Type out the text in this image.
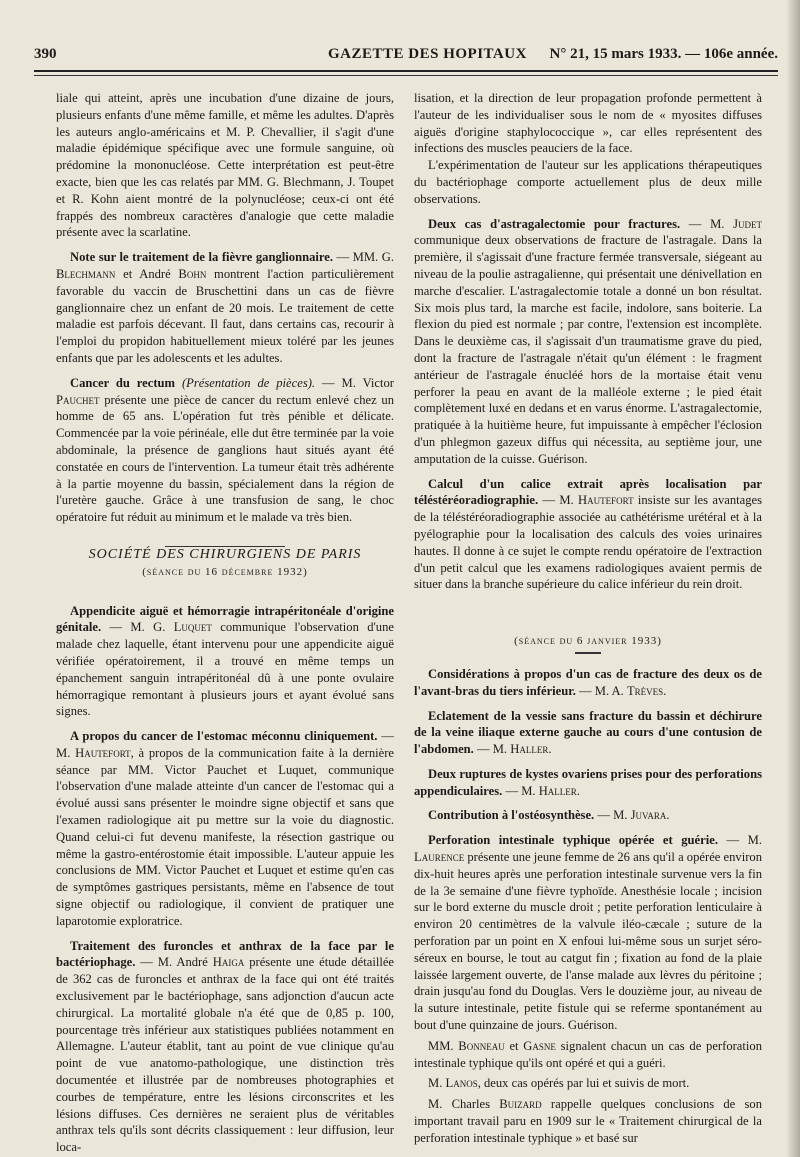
390	GAZETTE DES HOPITAUX N° 21, 15 mars 1933. — 106e année.

liale qui atteint, après une incubation d'une dizaine de jours, plusieurs enfants d'une même famille, et même les adultes. D'après les auteurs anglo-américains et M. P. Chevallier, il s'agit d'une maladie épidémique spécifique avec une formule sanguine, où prédomine la mononucléose. Cette interprétation est peut-être exacte, bien que les cas relatés par MM. G. Blechmann, J. Toupet et R. Kohn aient montré de la polynucléose; ceux-ci ont été frappés des nombreux caractères d'analogie que cette maladie présente avec la scarlatine.

Note sur le traitement de la fièvre ganglionnaire. — MM. G. Blechmann et André Bohn montrent l'action particulièrement favorable du vaccin de Bruschettini dans un cas de fièvre ganglionnaire chez un enfant de 20 mois. Le traitement de cette maladie est parfois décevant. Il faut, dans certains cas, recourir à l'emploi du propidon habituellement mieux toléré par les jeunes enfants que par les adolescents et les adultes.

Cancer du rectum (Présentation de pièces). — M. Victor Pauchet présente une pièce de cancer du rectum enlevé chez un homme de 65 ans. L'opération fut très pénible et délicate. Commencée par la voie périnéale, elle dut être terminée par la voie abdominale, la présence de ganglions haut situés ayant été constatée en cours de l'intervention. La tumeur était très adhérente à la partie moyenne du bassin, spécialement dans la région de l'uretère gauche. Grâce à une transfusion de sang, le choc opératoire fut réduit au minimum et le malade va très bien.

SOCIÉTÉ DES CHIRURGIENS DE PARIS

(séance du 16 décembre 1932)

Appendicite aiguë et hémorragie intrapéritonéale d'origine génitale. — M. G. Luquet communique l'observation d'une malade chez laquelle, étant intervenu pour une appendicite aiguë vérifiée opératoirement, il a trouvé en même temps un épanchement sanguin intrapéritonéal dû à une ponte ovulaire hémorragique remontant à plusieurs jours et ayant évolué sans signes.

A propos du cancer de l'estomac méconnu cliniquement. — M. Hautefort, à propos de la communication faite à la dernière séance par MM. Victor Pauchet et Luquet, communique l'observation d'une malade atteinte d'un cancer de l'estomac qui a évolué aussi sans présenter le moindre signe objectif et sans que l'examen radiologique ait pu mettre sur la voie du diagnostic. Quand celui-ci fut devenu manifeste, la résection gastrique ou même la gastro-entérostomie était impossible. L'auteur appuie les conclusions de MM. Victor Pauchet et Luquet et estime qu'en cas de symptômes gastriques persistants, même en l'absence de tout signe objectif ou radiologique, il convient de pratiquer une laparotomie exploratrice.

Traitement des furoncles et anthrax de la face par le bactériophage. — M. André Haiga présente une étude détaillée de 362 cas de furoncles et anthrax de la face qui ont été traités exclusivement par le bactériophage, sans adjonction d'aucun acte chirurgical. La mortalité globale n'a été que de 0,85 p. 100, pourcentage très inférieur aux statistiques publiées notamment en Allemagne. L'auteur établit, tant au point de vue clinique qu'au point de vue anatomo-pathologique, une distinction très documentée et illustrée par de nombreuses photographies et courbes de température, entre les lésions circonscrites et les lésions diffuses. Ces dernières ne seraient plus de véritables anthrax tels qu'ils sont décrits classiquement : leur diffusion, leur loca-

lisation, et la direction de leur propagation profonde permettent à l'auteur de les individualiser sous le nom de « myosites diffuses aiguës d'origine staphylococcique », car elles représentent des infections des muscles peauciers de la face.

L'expérimentation de l'auteur sur les applications thérapeutiques du bactériophage comporte actuellement plus de deux mille observations.

Deux cas d'astragalectomie pour fractures. — M. Judet communique deux observations de fracture de l'astragale. Dans la première, il s'agissait d'une fracture fermée transversale, siégeant au niveau de la poulie astragalienne, qui présentait une dénivellation en marche d'escalier. L'astragalectomie totale a donné un bon résultat. Six mois plus tard, la marche est facile, indolore, sans boiterie. La flexion du pied est normale ; par contre, l'extension est incomplète. Dans le deuxième cas, il s'agissait d'un traumatisme grave du pied, dont la fracture de l'astragale n'était qu'un élément : le fragment antérieur de l'astragale énucléé hors de la mortaise était venu perforer la peau en avant de la malléole externe ; le pied était complètement luxé en dedans et en varus énorme. L'astragalectomie, pratiquée à la huitième heure, fut impuissante à empêcher l'éclosion d'un phlegmon gazeux diffus qui nécessita, au septième jour, une amputation de la cuisse. Guérison.

Calcul d'un calice extrait après localisation par téléstéréoradiographie. — M. Hautefort insiste sur les avantages de la téléstéréoradiographie associée au cathétérisme urétéral et à la pyélographie pour la localisation des calculs des voies urinaires hautes. Il donne à ce sujet le compte rendu opératoire de l'extraction d'un petit calcul que les examens radiologiques avaient permis de situer dans la branche supérieure du calice inférieur du rein droit.

(séance du 6 janvier 1933)

Considérations à propos d'un cas de fracture des deux os de l'avant-bras du tiers inférieur. — M. A. Trèves.

Eclatement de la vessie sans fracture du bassin et déchirure de la veine iliaque externe gauche au cours d'une contusion de l'abdomen. — M. Haller.

Deux ruptures de kystes ovariens prises pour des perforations appendiculaires. — M. Haller.

Contribution à l'ostéosynthèse. — M. Juvara.

Perforation intestinale typhique opérée et guérie. — M. Laurence présente une jeune femme de 26 ans qu'il a opérée environ dix-huit heures après une perforation intestinale survenue vers la fin de la 3e semaine d'une fièvre typhoïde. Anesthésie locale ; incision sur le bord externe du muscle droit ; petite perforation lenticulaire à environ 20 centimètres de la valvule iléo-cæcale ; suture de la perforation par un point en X enfoui lui-même sous un surjet séro-séreux en bourse, le tout au catgut fin ; fixation au fond de la plaie laissée largement ouverte, de l'anse malade aux lèvres du péritoine ; drain jusqu'au fond du Douglas. Vers le douzième jour, au niveau de la suture intestinale, petite fistule qui se referme spontanément au bout d'une quinzaine de jours. Guérison.

MM. Bonneau et Gasne signalent chacun un cas de perforation intestinale typhique qu'ils ont opéré et qui a guéri.

M. Lanos, deux cas opérés par lui et suivis de mort.

M. Charles Buizard rappelle quelques conclusions de son important travail paru en 1909 sur le « Traitement chirurgical de la perforation intestinale typhique » et basé sur
